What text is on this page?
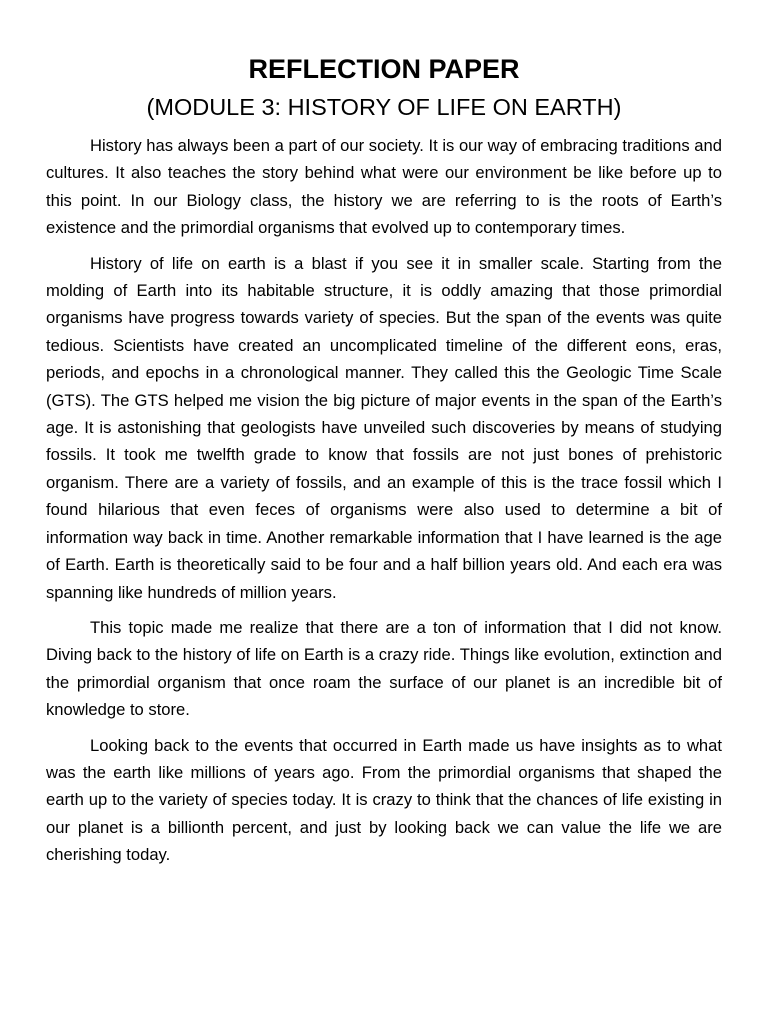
REFLECTION PAPER
(MODULE 3: HISTORY OF LIFE ON EARTH)

History has always been a part of our society. It is our way of embracing traditions and cultures. It also teaches the story behind what were our environment be like before up to this point. In our Biology class, the history we are referring to is the roots of Earth’s existence and the primordial organisms that evolved up to contemporary times.

History of life on earth is a blast if you see it in smaller scale. Starting from the molding of Earth into its habitable structure, it is oddly amazing that those primordial organisms have progress towards variety of species. But the span of the events was quite tedious. Scientists have created an uncomplicated timeline of the different eons, eras, periods, and epochs in a chronological manner. They called this the Geologic Time Scale (GTS). The GTS helped me vision the big picture of major events in the span of the Earth’s age. It is astonishing that geologists have unveiled such discoveries by means of studying fossils. It took me twelfth grade to know that fossils are not just bones of prehistoric organism. There are a variety of fossils, and an example of this is the trace fossil which I found hilarious that even feces of organisms were also used to determine a bit of information way back in time. Another remarkable information that I have learned is the age of Earth. Earth is theoretically said to be four and a half billion years old. And each era was spanning like hundreds of million years.

This topic made me realize that there are a ton of information that I did not know. Diving back to the history of life on Earth is a crazy ride. Things like evolution, extinction and the primordial organism that once roam the surface of our planet is an incredible bit of knowledge to store.

Looking back to the events that occurred in Earth made us have insights as to what was the earth like millions of years ago. From the primordial organisms that shaped the earth up to the variety of species today. It is crazy to think that the chances of life existing in our planet is a billionth percent, and just by looking back we can value the life we are cherishing today.
